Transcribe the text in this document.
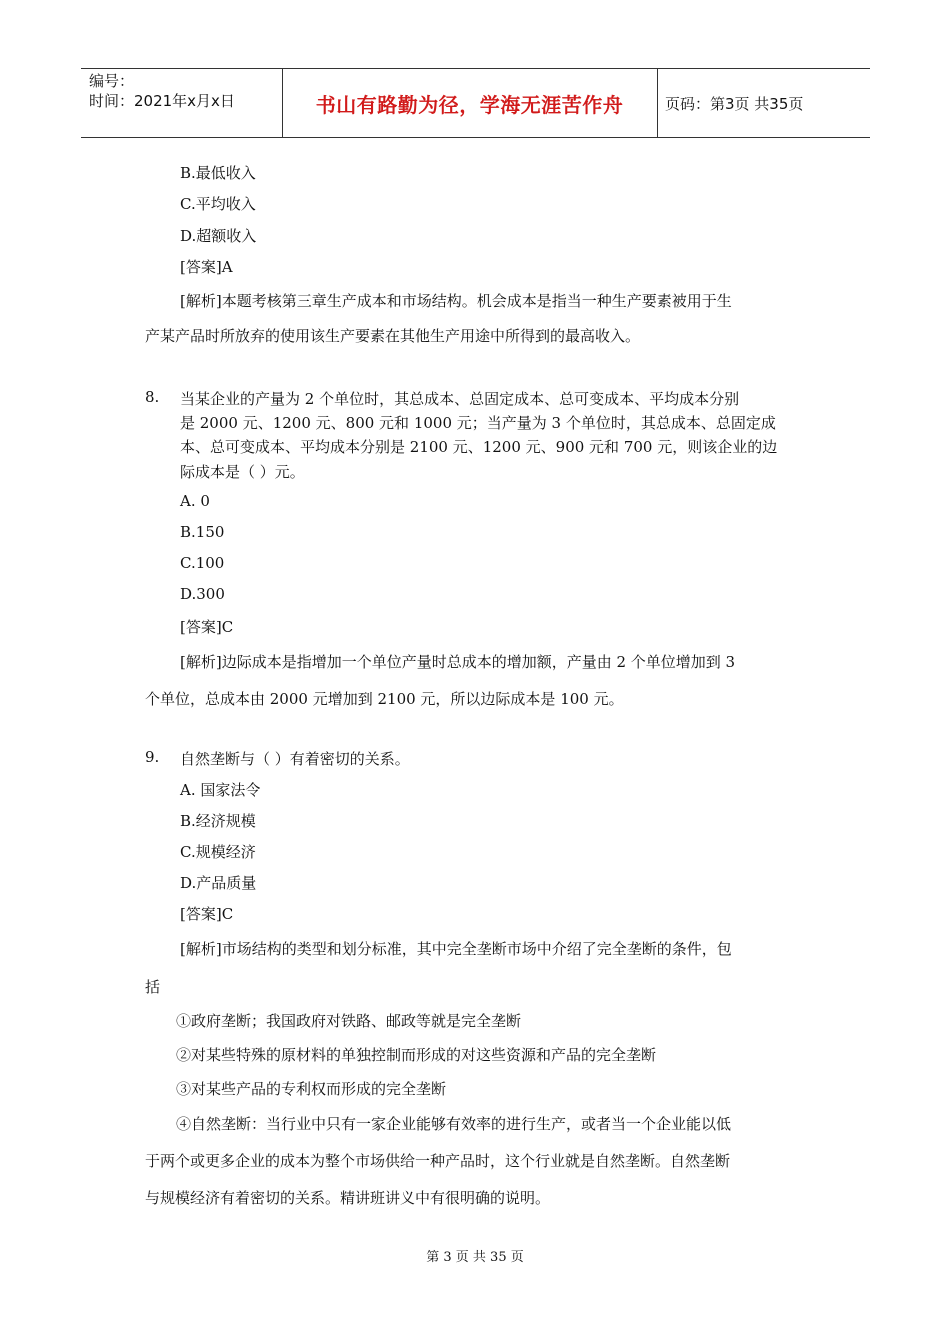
编号：
时间：2021年x月x日	书山有路勤为径，学海无涯苦作舟	页码：第3页 共35页
B.最低收入
C.平均收入
D.超额收入
[答案]A
[解析]本题考核第三章生产成本和市场结构。机会成本是指当一种生产要素被用于生
产某产品时所放弃的使用该生产要素在其他生产用途中所得到的最高收入。
8. 当某企业的产量为 2 个单位时，其总成本、总固定成本、总可变成本、平均成本分别
是 2000 元、1200 元、800 元和 1000 元；当产量为 3 个单位时，其总成本、总固定成
本、总可变成本、平均成本分别是 2100 元、1200 元、900 元和 700 元，则该企业的边
际成本是（ ）元。
A. 0
B.150
C.100
D.300
[答案]C
[解析]边际成本是指增加一个单位产量时总成本的增加额，产量由 2 个单位增加到 3
个单位，总成本由 2000 元增加到 2100 元，所以边际成本是 100 元。
9. 自然垄断与（ ）有着密切的关系。
A. 国家法令
B.经济规模
C.规模经济
D.产品质量
[答案]C
[解析]市场结构的类型和划分标准，其中完全垄断市场中介绍了完全垄断的条件，包
括
①政府垄断；我国政府对铁路、邮政等就是完全垄断
②对某些特殊的原材料的单独控制而形成的对这些资源和产品的完全垄断
③对某些产品的专利权而形成的完全垄断
④自然垄断：当行业中只有一家企业能够有效率的进行生产，或者当一个企业能以低
于两个或更多企业的成本为整个市场供给一种产品时，这个行业就是自然垄断。自然垄断
与规模经济有着密切的关系。精讲班讲义中有很明确的说明。
第 3 页 共 35 页
